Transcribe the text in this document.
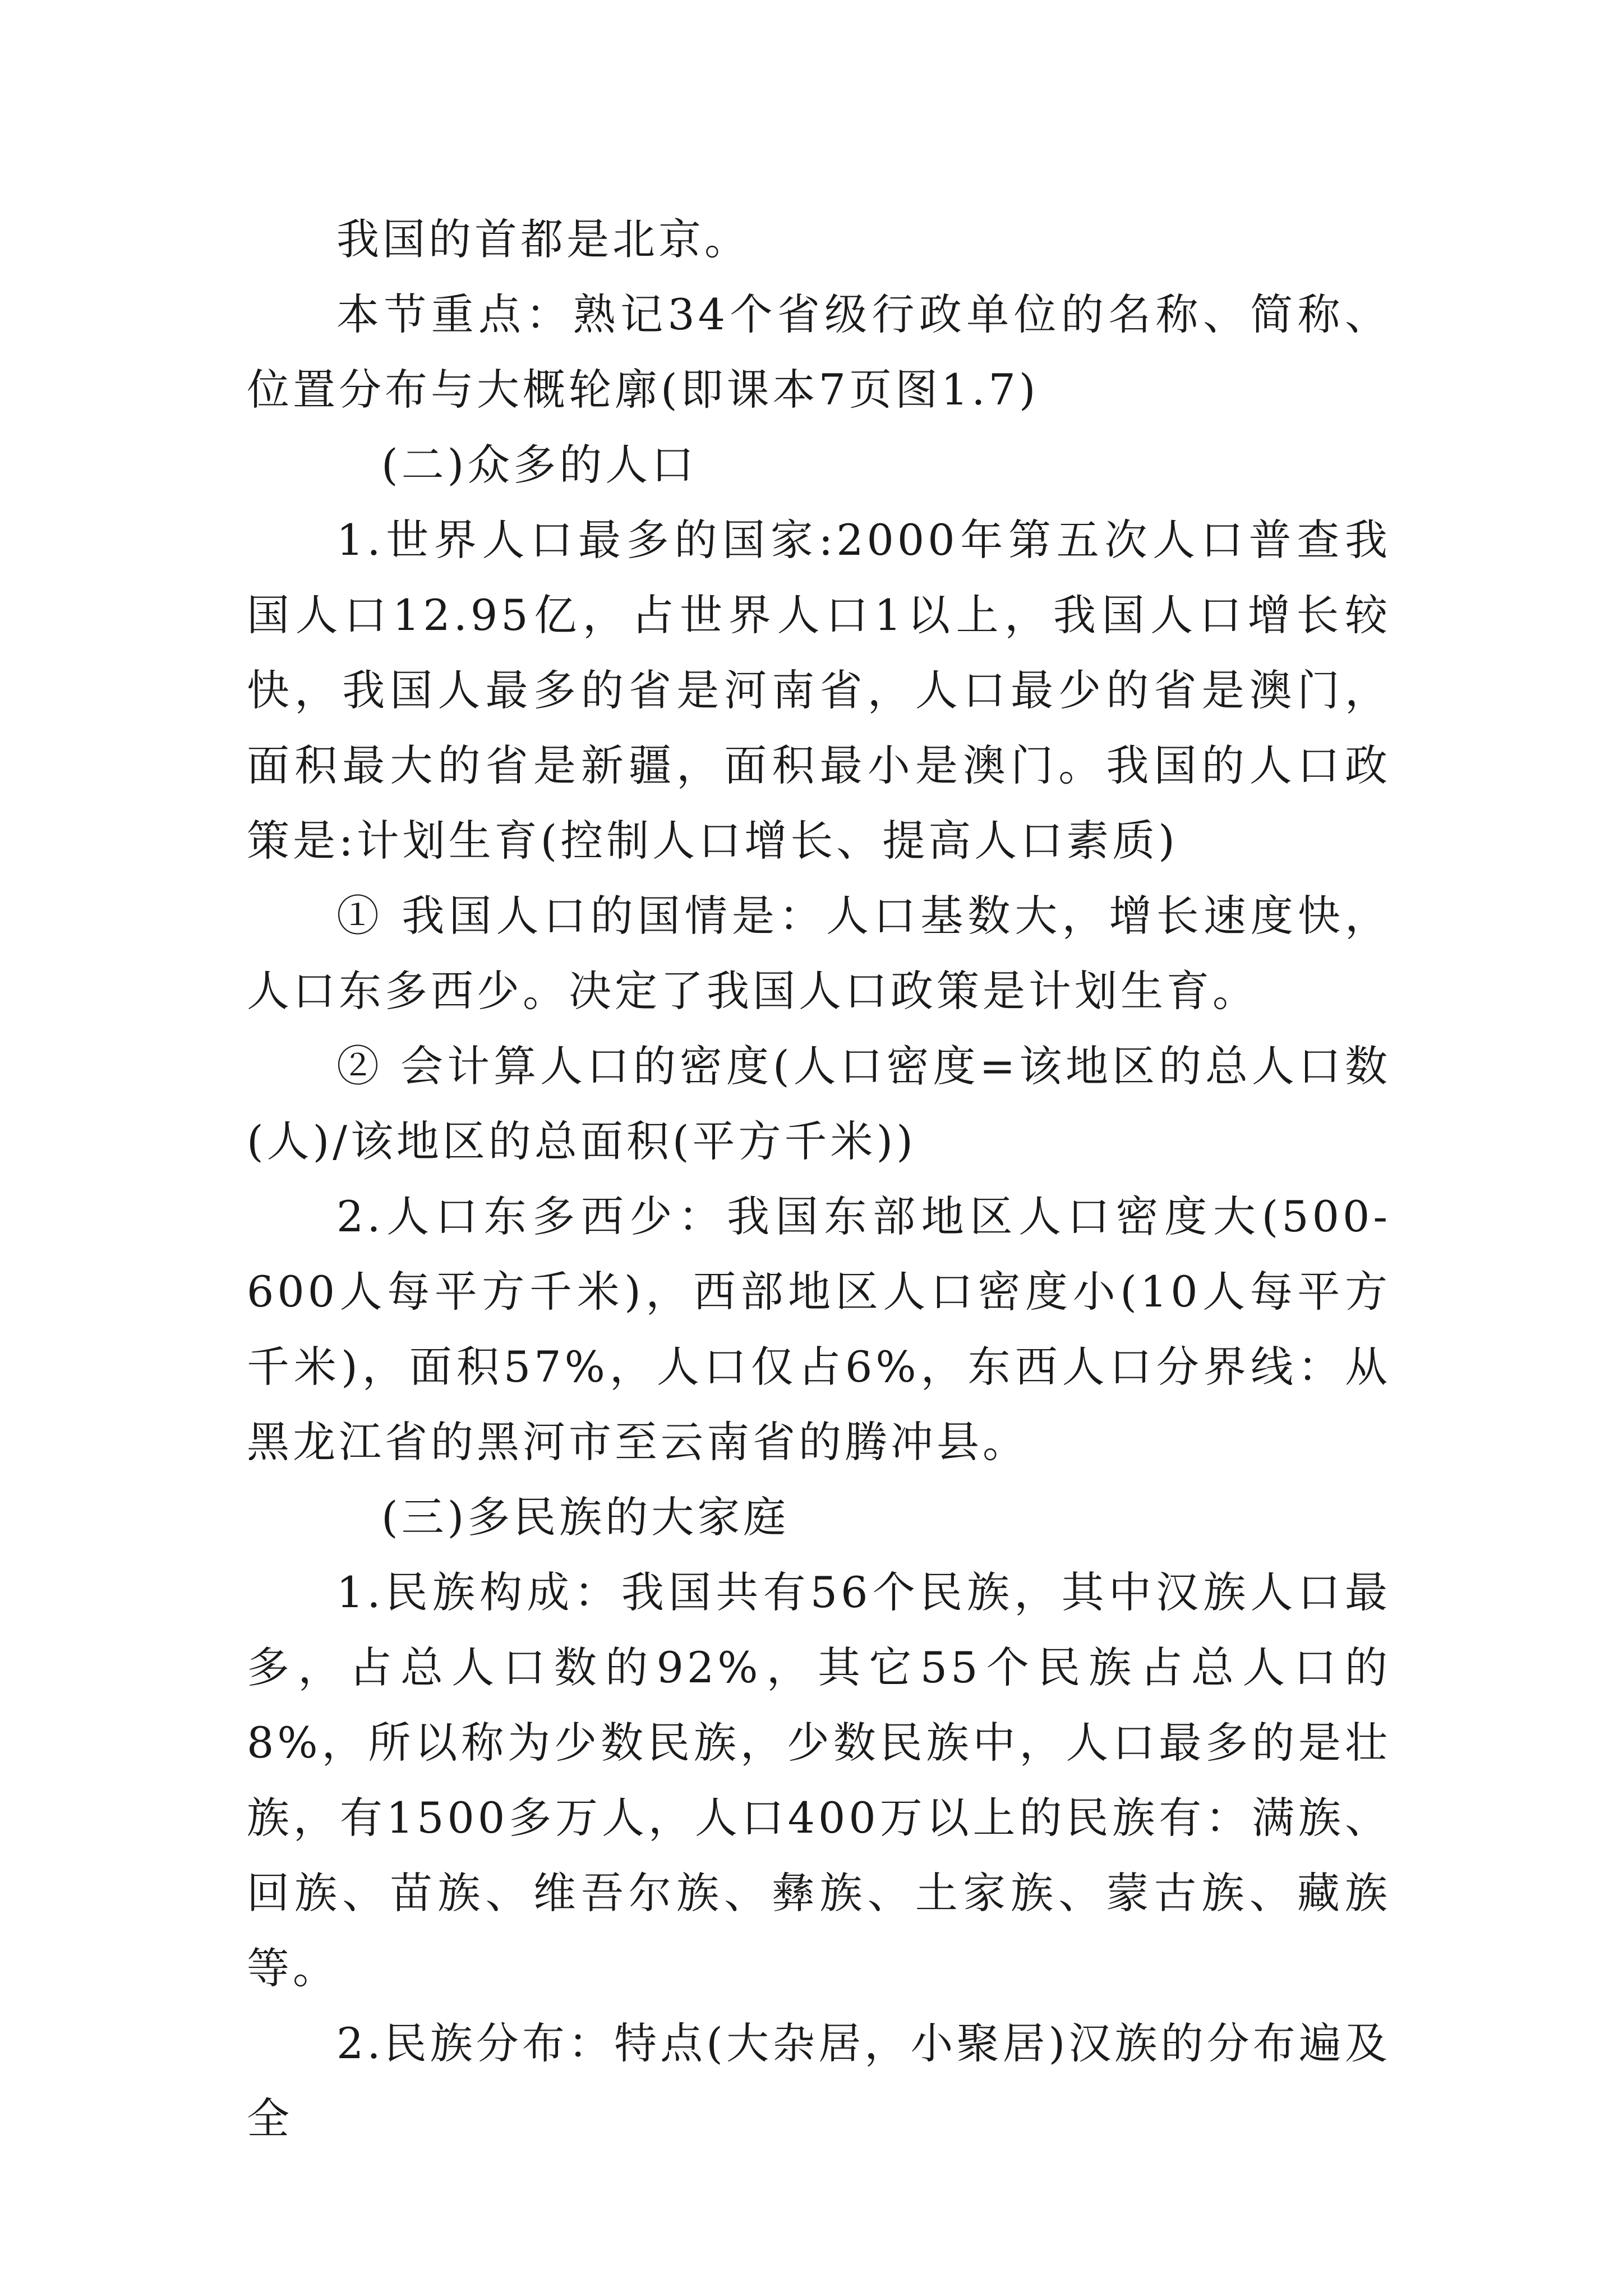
我国的首都是北京。

本节重点：熟记34个省级行政单位的名称、简称、位置分布与大概轮廓(即课本7页图1.7)

(二)众多的人口

1.世界人口最多的国家:2000年第五次人口普查我国人口12.95亿，占世界人口1以上，我国人口增长较快，我国人最多的省是河南省，人口最少的省是澳门，面积最大的省是新疆，面积最小是澳门。我国的人口政策是:计划生育(控制人口增长、提高人口素质)

① 我国人口的国情是：人口基数大，增长速度快，人口东多西少。决定了我国人口政策是计划生育。

② 会计算人口的密度(人口密度=该地区的总人口数(人)/该地区的总面积(平方千米))

2.人口东多西少：我国东部地区人口密度大(500-600人每平方千米)，西部地区人口密度小(10人每平方千米)，面积57%，人口仅占6%，东西人口分界线：从黑龙江省的黑河市至云南省的腾冲县。

(三)多民族的大家庭

1.民族构成：我国共有56个民族，其中汉族人口最多，占总人口数的92%，其它55个民族占总人口的8%，所以称为少数民族，少数民族中，人口最多的是壮族，有1500多万人，人口400万以上的民族有：满族、回族、苗族、维吾尔族、彝族、土家族、蒙古族、藏族等。

2.民族分布：特点(大杂居，小聚居)汉族的分布遍及全
